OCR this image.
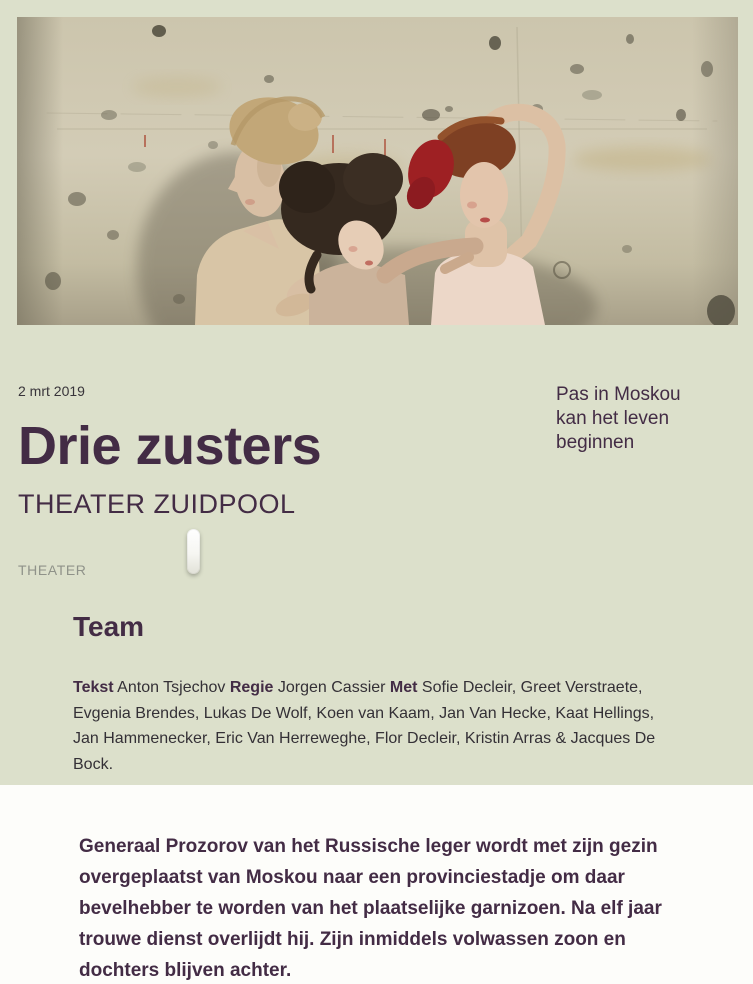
2 mrt 2019
Drie zusters
THEATER ZUIDPOOL
THEATER
Pas in Moskou kan het leven beginnen
Team

Tekst Anton Tsjechov Regie Jorgen Cassier Met Sofie Decleir, Greet Verstraete, Evgenia Brendes, Lukas De Wolf, Koen van Kaam, Jan Van Hecke, Kaat Hellings, Jan Hammenecker, Eric Van Herreweghe, Flor Decleir, Kristin Arras & Jacques De Bock.

Generaal Prozorov van het Russische leger wordt met zijn gezin overgeplaatst van Moskou naar een provinciestadje om daar bevelhebber te worden van het plaatselijke garnizoen. Na elf jaar trouwe dienst overlijdt hij. Zijn inmiddels volwassen zoon en dochters blijven achter.
